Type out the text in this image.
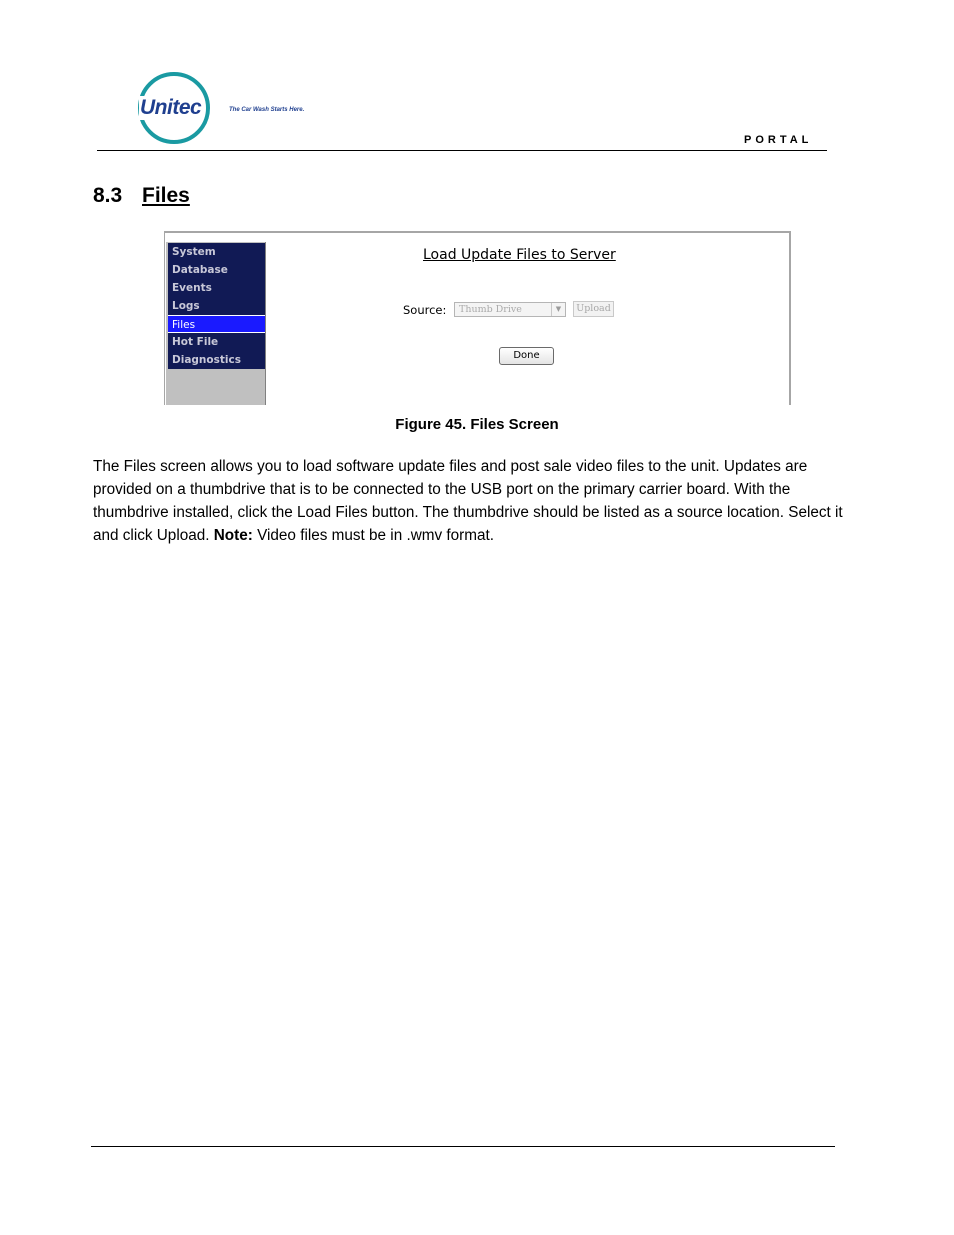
Unitec	The Car Wash Starts Here.
PORTAL
8.3 Files
System
Database
Events
Logs
Files
Hot File
Diagnostics
Load Update Files to Server
Source:	Thumb Drive	▼	Upload
Done
Figure 45. Files Screen

The Files screen allows you to load software update files and post sale video files to the unit. Updates are provided on a thumbdrive that is to be connected to the USB port on the primary carrier board. With the thumbdrive installed, click the Load Files button. The thumbdrive should be listed as a source location. Select it and click Upload. Note: Video files must be in .wmv format.
